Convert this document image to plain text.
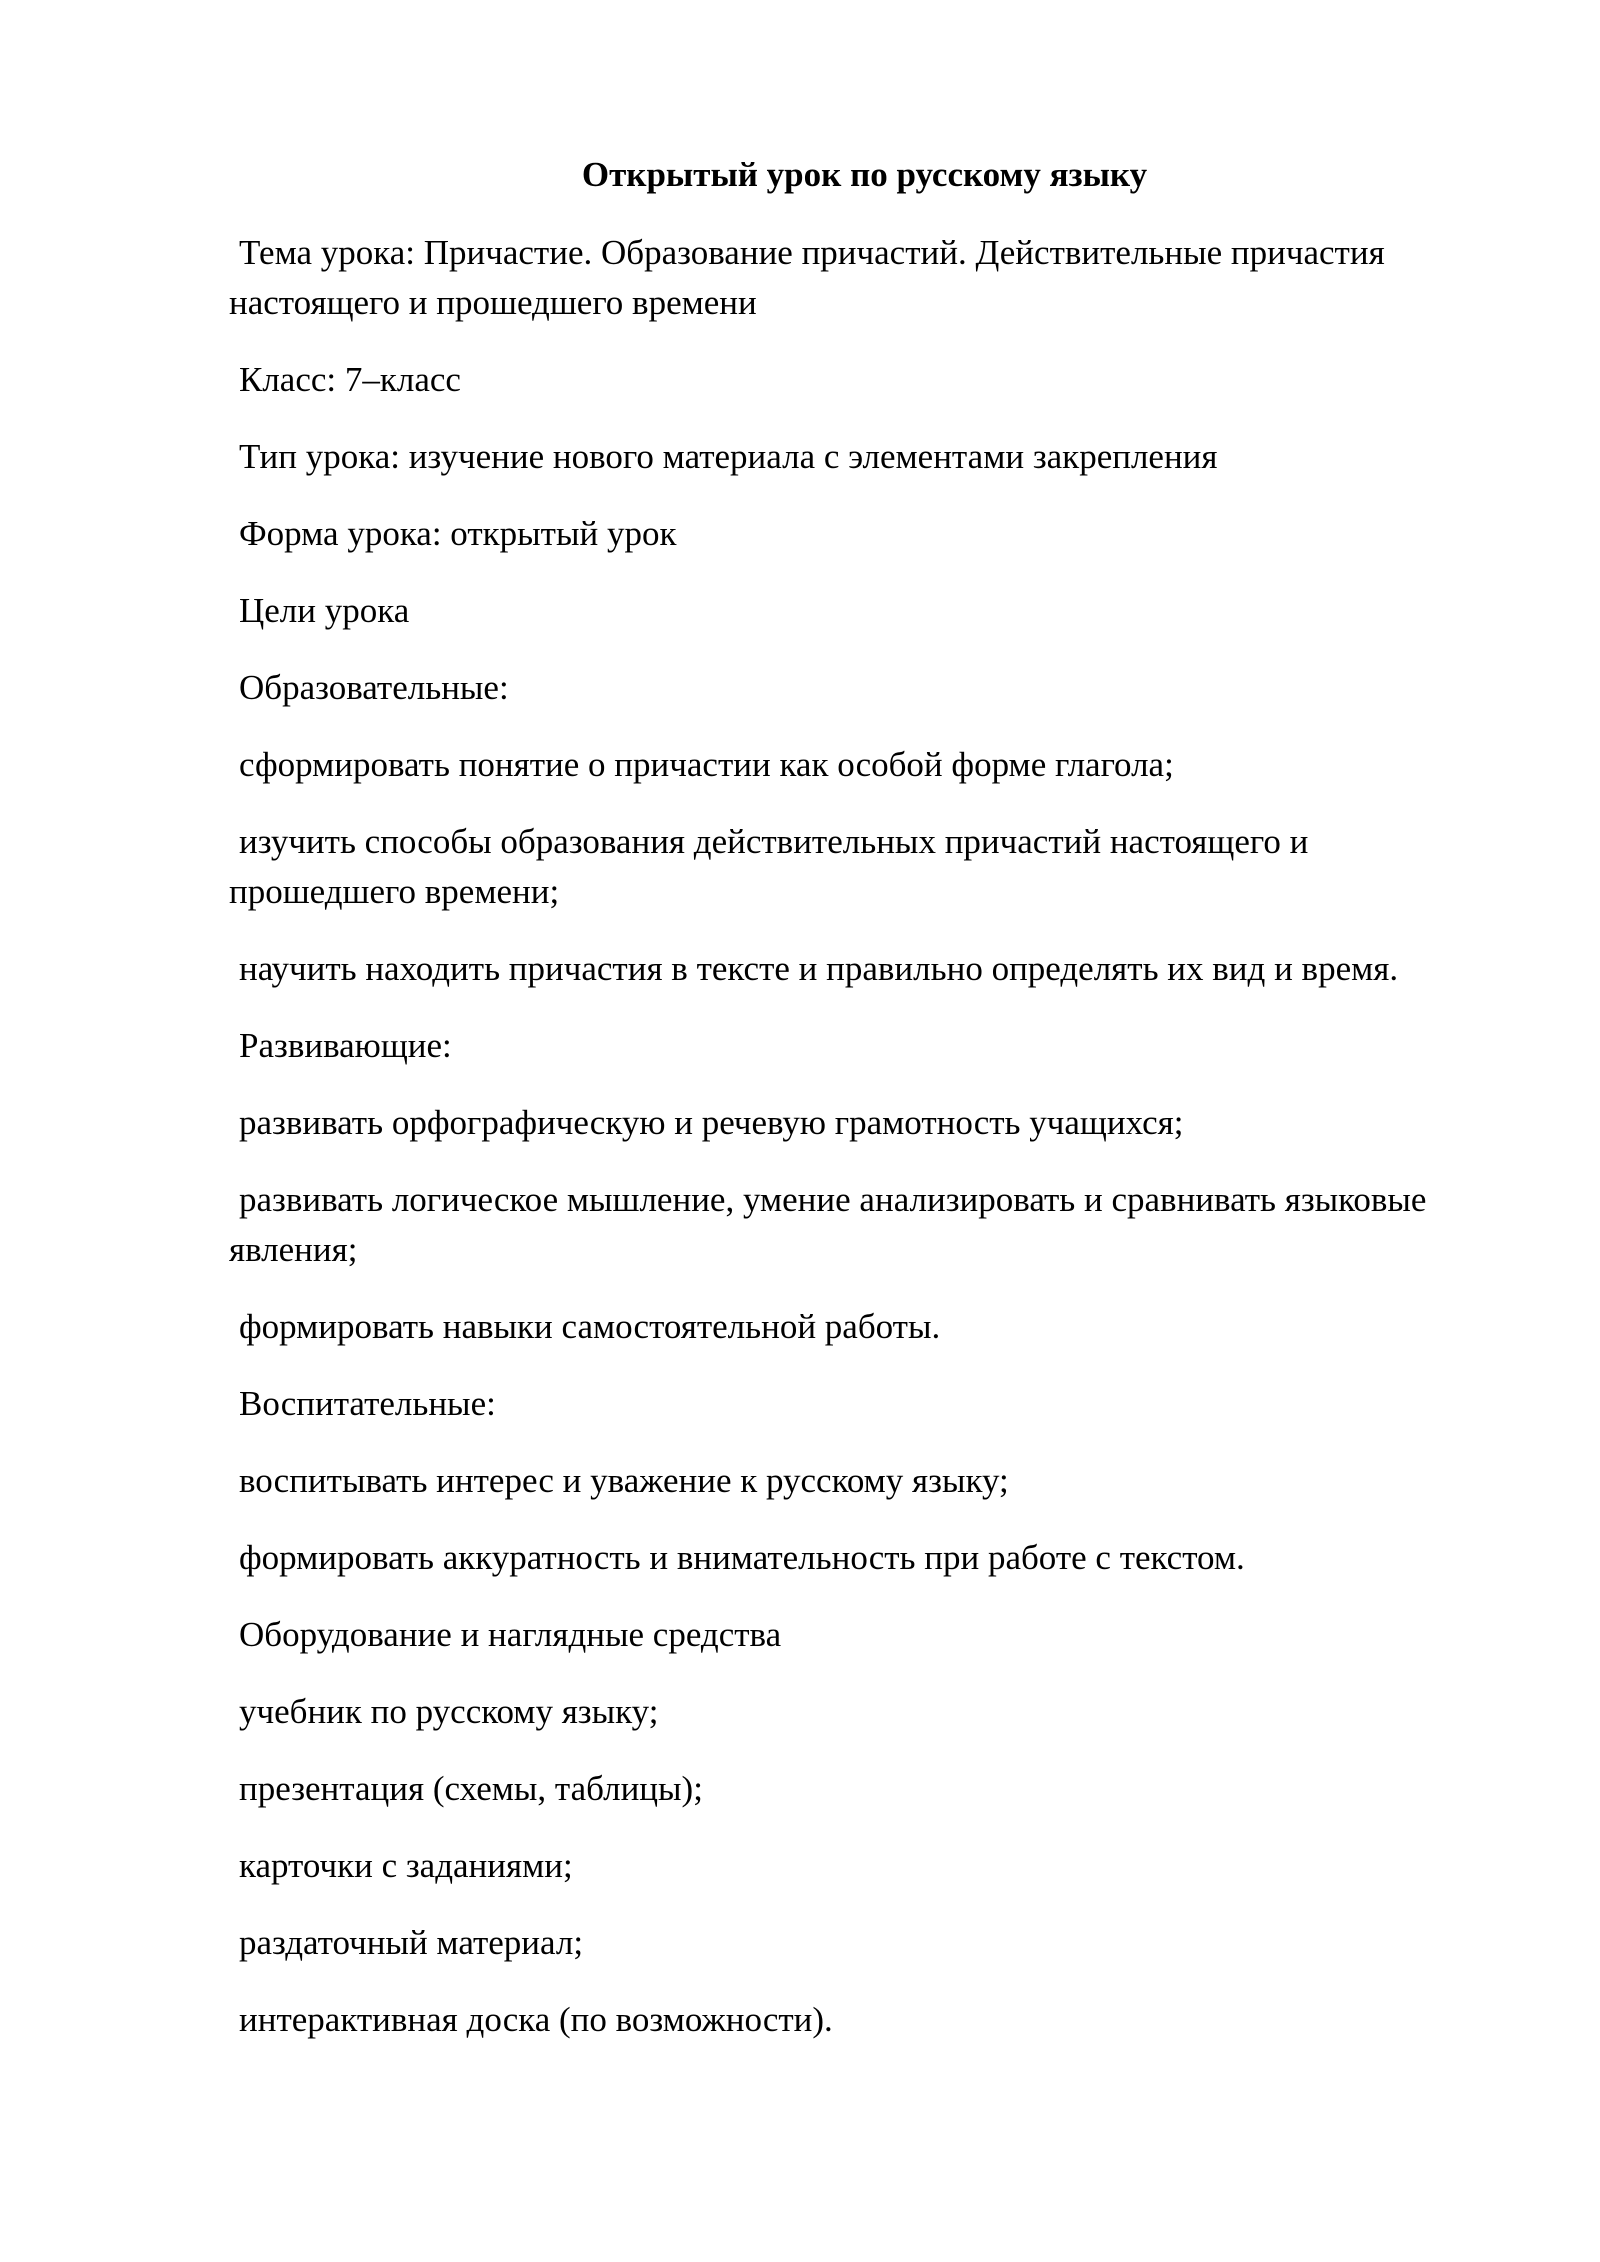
Открытый урок по русскому языку

Тема урока: Причастие. Образование причастий. Действительные причастия настоящего и прошедшего времени

Класс: 7–класс

Тип урока: изучение нового материала с элементами закрепления

Форма урока: открытый урок

Цели урока

Образовательные:

сформировать понятие о причастии как особой форме глагола;

изучить способы образования действительных причастий настоящего и прошедшего времени;

научить находить причастия в тексте и правильно определять их вид и время.

Развивающие:

развивать орфографическую и речевую грамотность учащихся;

развивать логическое мышление, умение анализировать и сравнивать языковые явления;

формировать навыки самостоятельной работы.

Воспитательные:

воспитывать интерес и уважение к русскому языку;

формировать аккуратность и внимательность при работе с текстом.

Оборудование и наглядные средства

учебник по русскому языку;

презентация (схемы, таблицы);

карточки с заданиями;

раздаточный материал;

интерактивная доска (по возможности).
